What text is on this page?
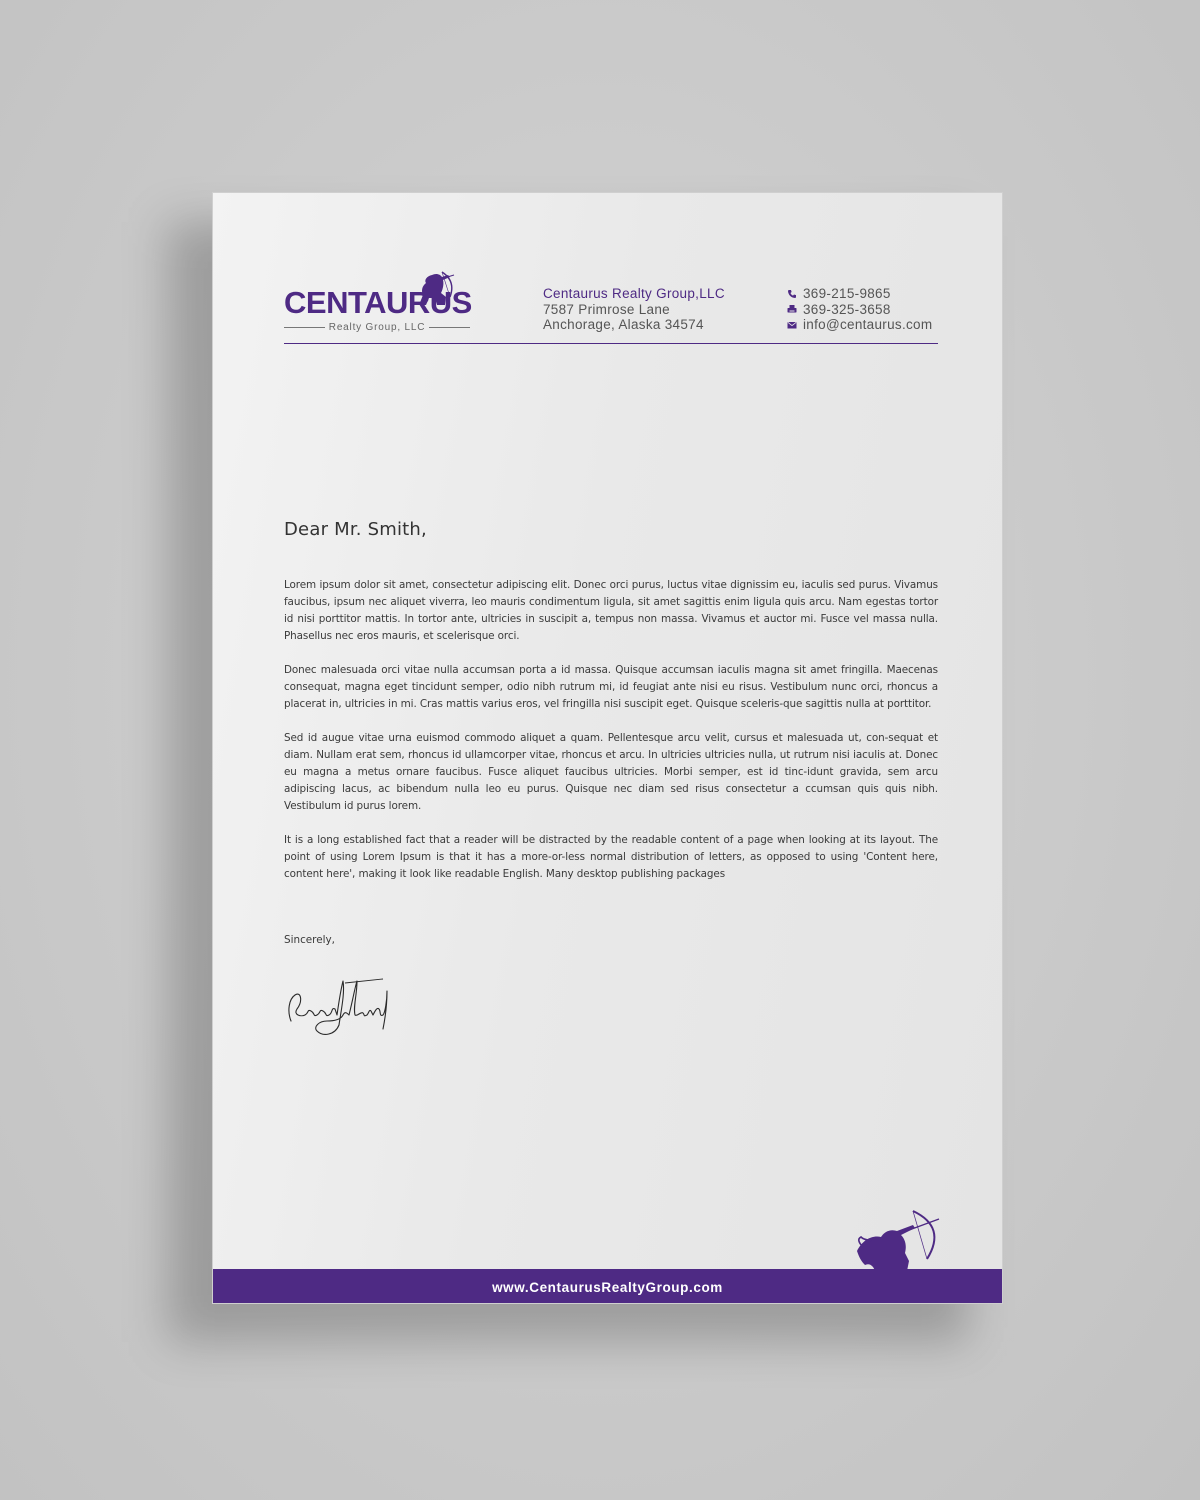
CENTAURUS
Realty Group, LLC
Centaurus Realty Group,LLC
7587 Primrose Lane
Anchorage, Alaska 34574
369-215-9865
369-325-3658
info@centaurus.com
Dear Mr. Smith,

Lorem ipsum dolor sit amet, consectetur adipiscing elit. Donec orci purus, luctus vitae dignissim eu, iaculis sed purus. Vivamus faucibus, ipsum nec aliquet viverra, leo mauris condimentum ligula, sit amet sagittis enim ligula quis arcu. Nam egestas tortor id nisi porttitor mattis. In tortor ante, ultricies in suscipit a, tempus non massa. Vivamus et auctor mi. Fusce vel massa nulla. Phasellus nec eros mauris, et scelerisque orci.

Donec malesuada orci vitae nulla accumsan porta a id massa. Quisque accumsan iaculis magna sit amet fringilla. Maecenas consequat, magna eget tincidunt semper, odio nibh rutrum mi, id feugiat ante nisi eu risus. Vestibulum nunc orci, rhoncus a placerat in, ultricies in mi. Cras mattis varius eros, vel fringilla nisi suscipit eget. Quisque sceleris-que sagittis nulla at porttitor.

Sed id augue vitae urna euismod commodo aliquet a quam. Pellentesque arcu velit, cursus et malesuada ut, con-sequat et diam. Nullam erat sem, rhoncus id ullamcorper vitae, rhoncus et arcu. In ultricies ultricies nulla, ut rutrum nisi iaculis at. Donec eu magna a metus ornare faucibus. Fusce aliquet faucibus ultricies. Morbi semper, est id tinc-idunt gravida, sem arcu adipiscing lacus, ac bibendum nulla leo eu purus. Quisque nec diam sed risus consectetur a ccumsan quis quis nibh. Vestibulum id purus lorem.

It is a long established fact that a reader will be distracted by the readable content of a page when looking at its layout. The point of using Lorem Ipsum is that it has a more-or-less normal distribution of letters, as opposed to using 'Content here, content here', making it look like readable English. Many desktop publishing packages

Sincerely,
www.CentaurusRealtyGroup.com
